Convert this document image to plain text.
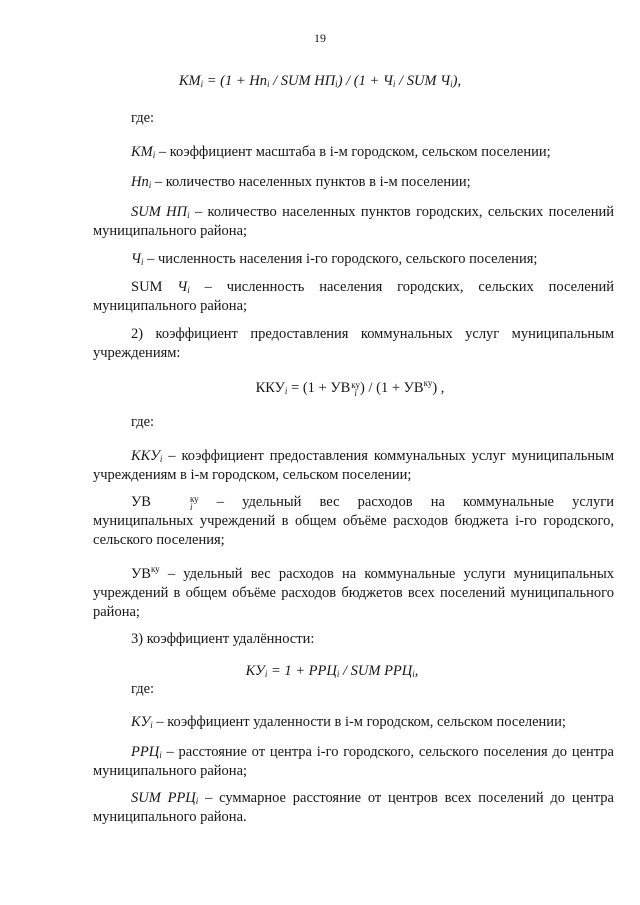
19
$КМ_i = (1 + Нп_i$ / SUM $НП_i) / (1 + Ч_i$ / SUM $Ч_i$),
где:
$КМ_i$ – коэффициент масштаба в i-м городском, сельском поселении;
$Нп_i$ – количество населенных пунктов в i-м поселении;
SUM $НП_i$ – количество населенных пунктов городских, сельских поселений муниципального района;
$Ч_i$ – численность населения i-го городского, сельского поселения;
SUM $Ч_i$ – численность населения городских, сельских поселений муниципального района;
2) коэффициент предоставления коммунальных услуг муниципальным учреждениям:
$ККУ_i = (1$ + УВ ку
i ) / $(1 + УВ^{ку})$ ,
где:
$ККУ_i$ – коэффициент предоставления коммунальных услуг муниципальным учреждениям в i-м городском, сельском поселении;
УВ	ку
i – удельный вес расходов на коммунальные услуги муниципальных учреждений в общем объёме расходов бюджета i-го городского, сельского поселения;
$УВ^{ку}$ – удельный вес расходов на коммунальные услуги муниципальных учреждений в общем объёме расходов бюджетов всех поселений муниципального района;
3) коэффициент удалённости:
$КУ_i = 1 + РРЦ_i$ / SUM $РРЦ_i$,
где:
$КУ_i$ – коэффициент удаленности в i-м городском, сельском поселении;
$РРЦ_i$ – расстояние от центра i-го городского, сельского поселения до центра муниципального района;
SUM $РРЦ_i$ – суммарное расстояние от центров всех поселений до центра муниципального района.
